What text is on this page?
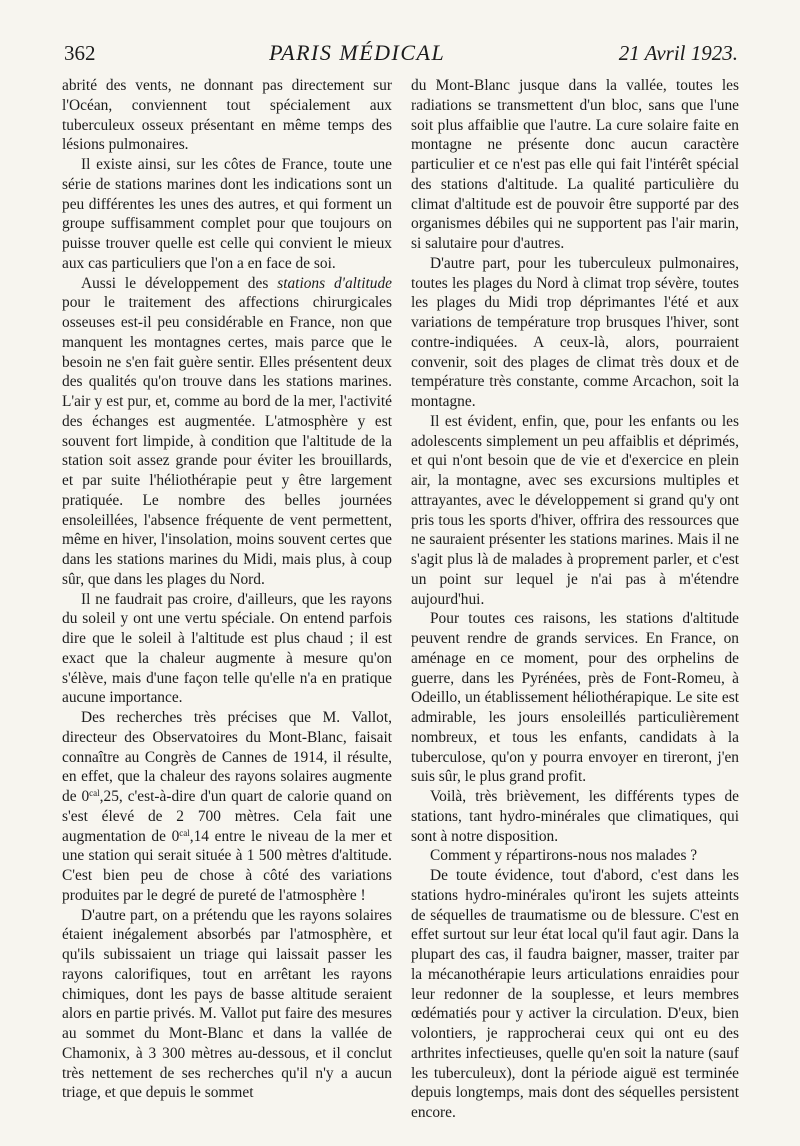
362	PARIS MÉDICAL	21 Avril 1923.

abrité des vents, ne donnant pas directement sur l'Océan, conviennent tout spécialement aux tuberculeux osseux présentant en même temps des lésions pulmonaires.

Il existe ainsi, sur les côtes de France, toute une série de stations marines dont les indications sont un peu différentes les unes des autres, et qui forment un groupe suffisamment complet pour que toujours on puisse trouver quelle est celle qui convient le mieux aux cas particuliers que l'on a en face de soi.

Aussi le développement des stations d'altitude pour le traitement des affections chirurgicales osseuses est-il peu considérable en France, non que manquent les montagnes certes, mais parce que le besoin ne s'en fait guère sentir. Elles présentent deux des qualités qu'on trouve dans les stations marines. L'air y est pur, et, comme au bord de la mer, l'activité des échanges est augmentée. L'atmosphère y est souvent fort limpide, à condition que l'altitude de la station soit assez grande pour éviter les brouillards, et par suite l'héliothérapie peut y être largement pratiquée. Le nombre des belles journées ensoleillées, l'absence fréquente de vent permettent, même en hiver, l'insolation, moins souvent certes que dans les stations marines du Midi, mais plus, à coup sûr, que dans les plages du Nord.

Il ne faudrait pas croire, d'ailleurs, que les rayons du soleil y ont une vertu spéciale. On entend parfois dire que le soleil à l'altitude est plus chaud ; il est exact que la chaleur augmente à mesure qu'on s'élève, mais d'une façon telle qu'elle n'a en pratique aucune importance.

Des recherches très précises que M. Vallot, directeur des Observatoires du Mont-Blanc, faisait connaître au Congrès de Cannes de 1914, il résulte, en effet, que la chaleur des rayons solaires augmente de $0^{cal},25$, c'est-à-dire d'un quart de calorie quand on s'est élevé de 2 700 mètres. Cela fait une augmentation de $0^{cal},14$ entre le niveau de la mer et une station qui serait située à 1 500 mètres d'altitude. C'est bien peu de chose à côté des variations produites par le degré de pureté de l'atmosphère !

D'autre part, on a prétendu que les rayons solaires étaient inégalement absorbés par l'atmosphère, et qu'ils subissaient un triage qui laissait passer les rayons calorifiques, tout en arrêtant les rayons chimiques, dont les pays de basse altitude seraient alors en partie privés. M. Vallot put faire des mesures au sommet du Mont-Blanc et dans la vallée de Chamonix, à 3 300 mètres au-dessous, et il conclut très nettement de ses recherches qu'il n'y a aucun triage, et que depuis le sommet

du Mont-Blanc jusque dans la vallée, toutes les radiations se transmettent d'un bloc, sans que l'une soit plus affaiblie que l'autre. La cure solaire faite en montagne ne présente donc aucun caractère particulier et ce n'est pas elle qui fait l'intérêt spécial des stations d'altitude. La qualité particulière du climat d'altitude est de pouvoir être supporté par des organismes débiles qui ne supportent pas l'air marin, si salutaire pour d'autres.

D'autre part, pour les tuberculeux pulmonaires, toutes les plages du Nord à climat trop sévère, toutes les plages du Midi trop déprimantes l'été et aux variations de température trop brusques l'hiver, sont contre-indiquées. A ceux-là, alors, pourraient convenir, soit des plages de climat très doux et de température très constante, comme Arcachon, soit la montagne.

Il est évident, enfin, que, pour les enfants ou les adolescents simplement un peu affaiblis et déprimés, et qui n'ont besoin que de vie et d'exercice en plein air, la montagne, avec ses excursions multiples et attrayantes, avec le développement si grand qu'y ont pris tous les sports d'hiver, offrira des ressources que ne sauraient présenter les stations marines. Mais il ne s'agit plus là de malades à proprement parler, et c'est un point sur lequel je n'ai pas à m'étendre aujourd'hui.

Pour toutes ces raisons, les stations d'altitude peuvent rendre de grands services. En France, on aménage en ce moment, pour des orphelins de guerre, dans les Pyrénées, près de Font-Romeu, à Odeillo, un établissement héliothérapique. Le site est admirable, les jours ensoleillés particulièrement nombreux, et tous les enfants, candidats à la tuberculose, qu'on y pourra envoyer en tireront, j'en suis sûr, le plus grand profit.

Voilà, très brièvement, les différents types de stations, tant hydro-minérales que climatiques, qui sont à notre disposition.

Comment y répartirons-nous nos malades ?

De toute évidence, tout d'abord, c'est dans les stations hydro-minérales qu'iront les sujets atteints de séquelles de traumatisme ou de blessure. C'est en effet surtout sur leur état local qu'il faut agir. Dans la plupart des cas, il faudra baigner, masser, traiter par la mécanothérapie leurs articulations enraidies pour leur redonner de la souplesse, et leurs membres œdématiés pour y activer la circulation. D'eux, bien volontiers, je rapprocherai ceux qui ont eu des arthrites infectieuses, quelle qu'en soit la nature (sauf les tuberculeux), dont la période aiguë est terminée depuis longtemps, mais dont des séquelles persistent encore.
